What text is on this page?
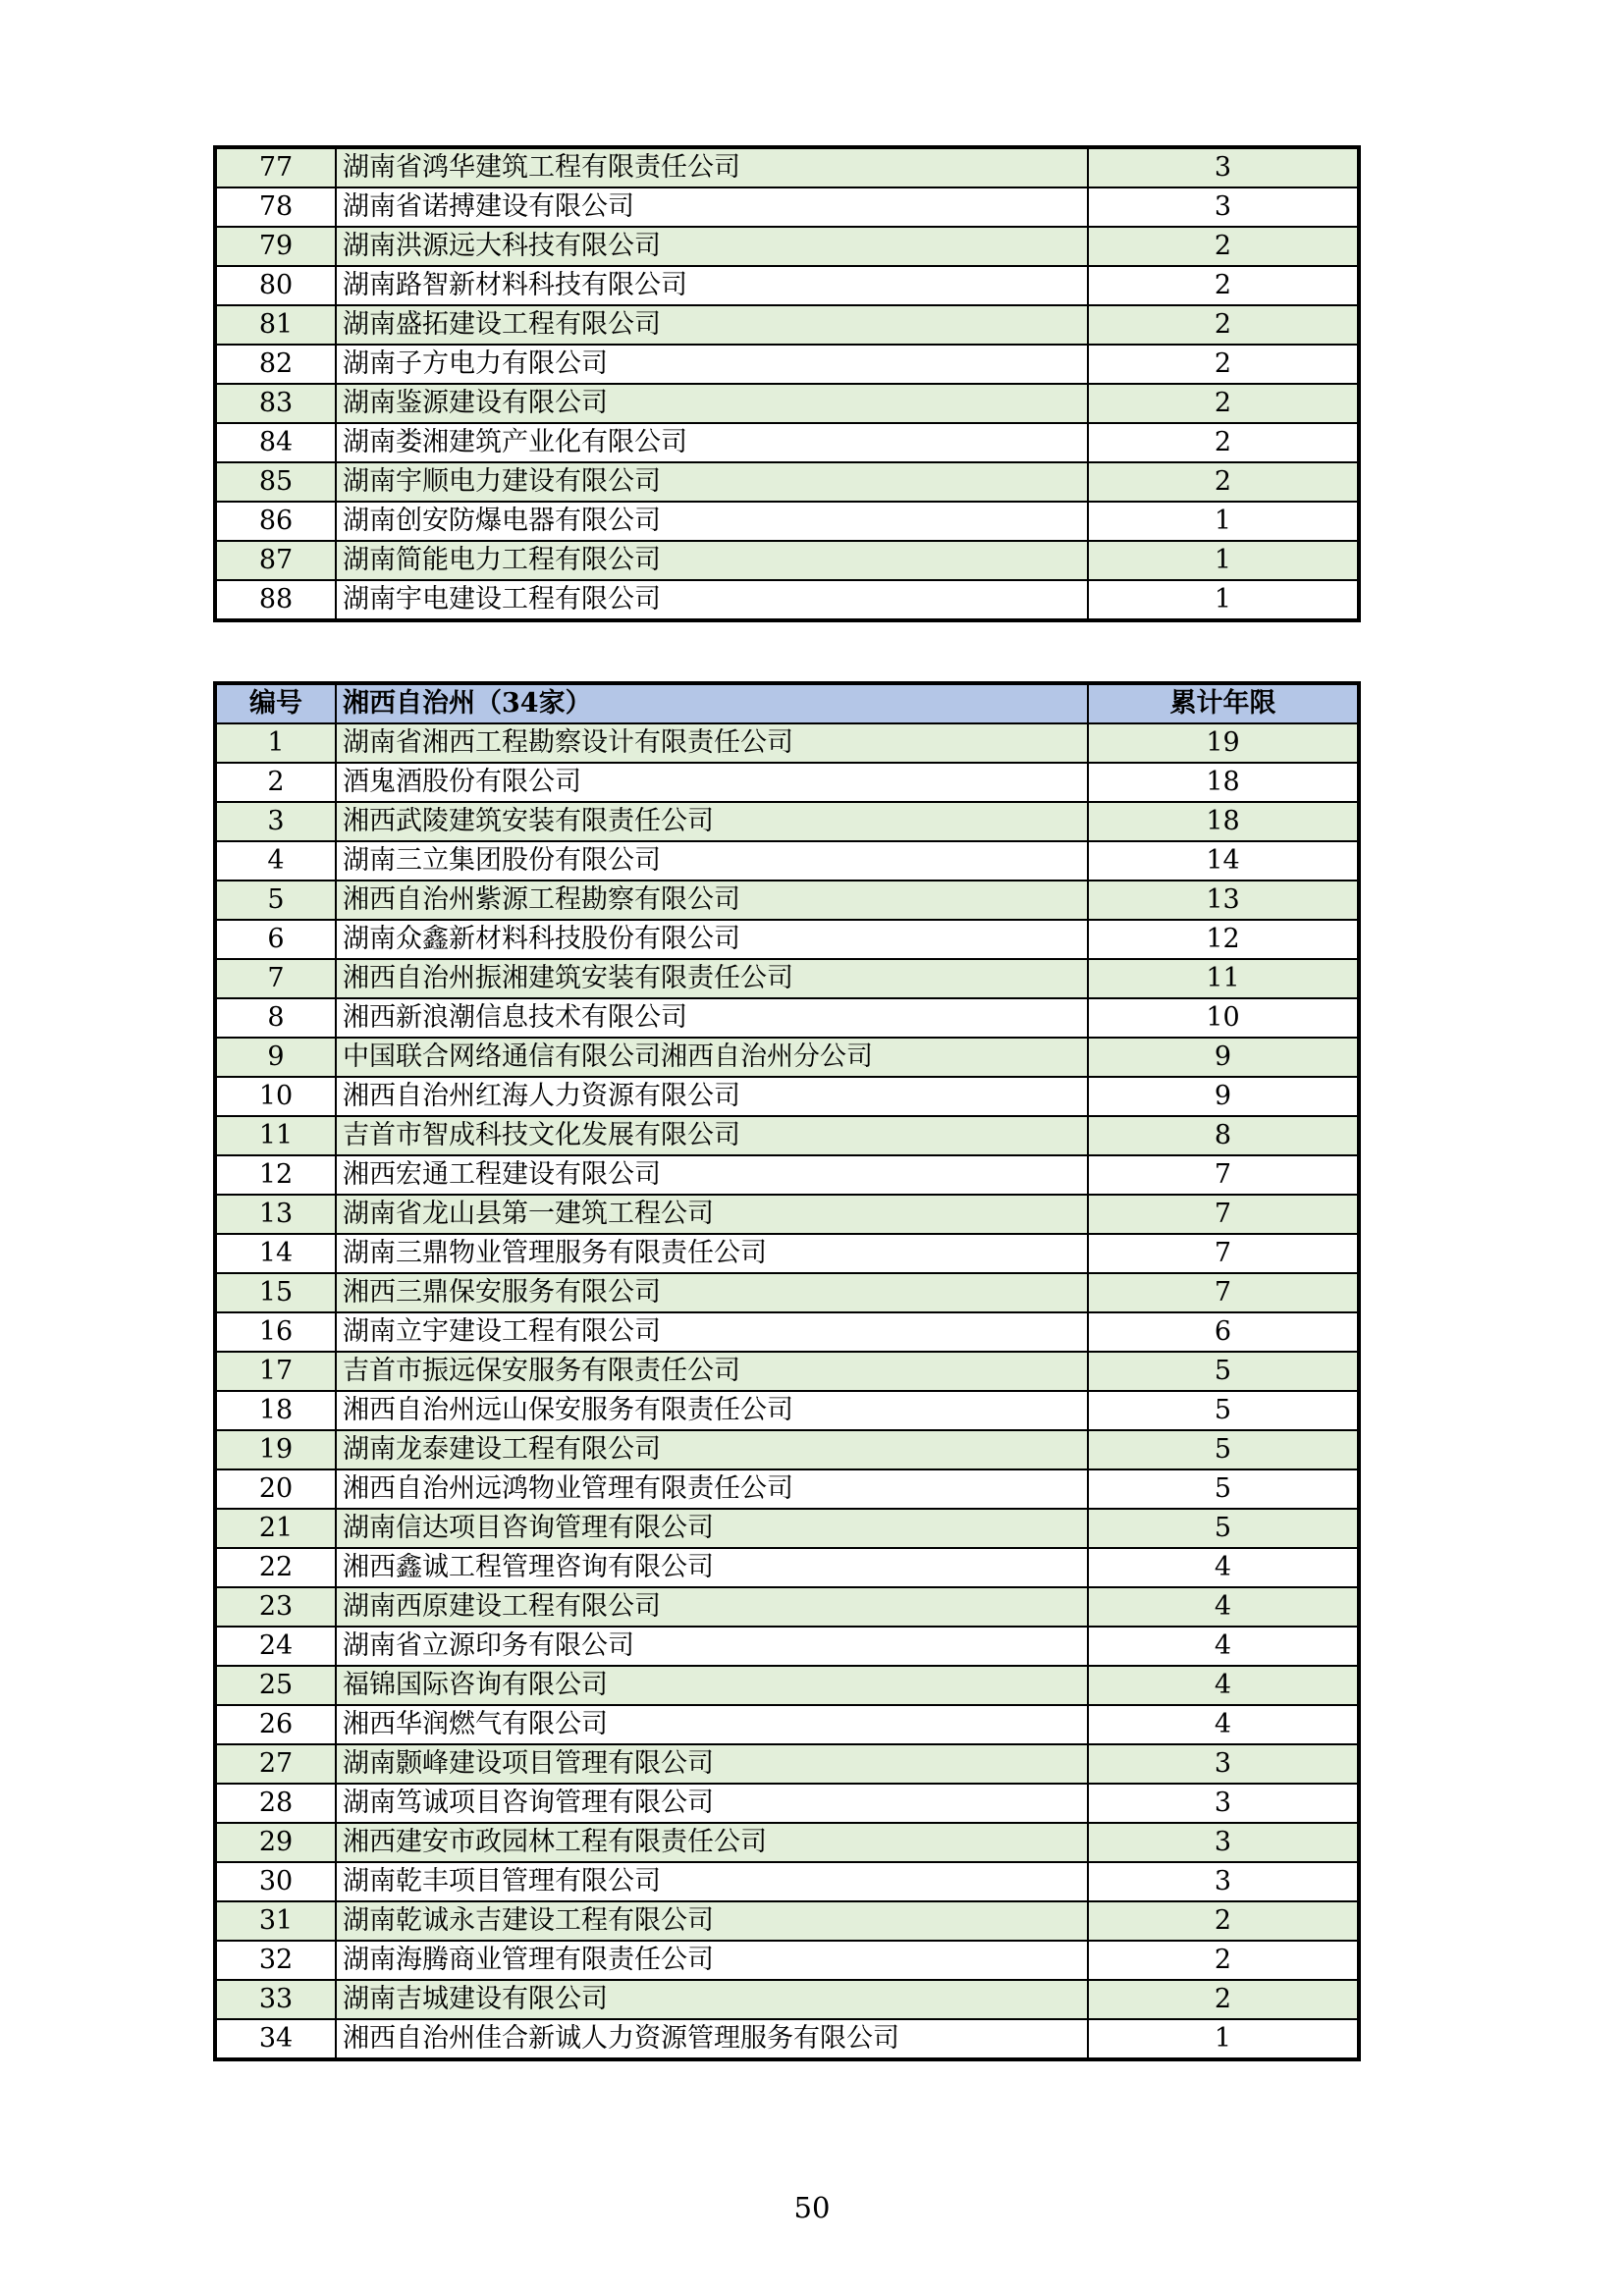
77	湖南省鸿华建筑工程有限责任公司	3
78	湖南省诺搏建设有限公司	3
79	湖南洪源远大科技有限公司	2
80	湖南路智新材料科技有限公司	2
81	湖南盛拓建设工程有限公司	2
82	湖南子方电力有限公司	2
83	湖南鉴源建设有限公司	2
84	湖南娄湘建筑产业化有限公司	2
85	湖南宇顺电力建设有限公司	2
86	湖南创安防爆电器有限公司	1
87	湖南简能电力工程有限公司	1
88	湖南宇电建设工程有限公司	1
编号	湘西自治州（34家）	累计年限
1	湖南省湘西工程勘察设计有限责任公司	19
2	酒鬼酒股份有限公司	18
3	湘西武陵建筑安装有限责任公司	18
4	湖南三立集团股份有限公司	14
5	湘西自治州紫源工程勘察有限公司	13
6	湖南众鑫新材料科技股份有限公司	12
7	湘西自治州振湘建筑安装有限责任公司	11
8	湘西新浪潮信息技术有限公司	10
9	中国联合网络通信有限公司湘西自治州分公司	9
10	湘西自治州红海人力资源有限公司	9
11	吉首市智成科技文化发展有限公司	8
12	湘西宏通工程建设有限公司	7
13	湖南省龙山县第一建筑工程公司	7
14	湖南三鼎物业管理服务有限责任公司	7
15	湘西三鼎保安服务有限公司	7
16	湖南立宇建设工程有限公司	6
17	吉首市振远保安服务有限责任公司	5
18	湘西自治州远山保安服务有限责任公司	5
19	湖南龙泰建设工程有限公司	5
20	湘西自治州远鸿物业管理有限责任公司	5
21	湖南信达项目咨询管理有限公司	5
22	湘西鑫诚工程管理咨询有限公司	4
23	湖南西原建设工程有限公司	4
24	湖南省立源印务有限公司	4
25	福锦国际咨询有限公司	4
26	湘西华润燃气有限公司	4
27	湖南颢峰建设项目管理有限公司	3
28	湖南笃诚项目咨询管理有限公司	3
29	湘西建安市政园林工程有限责任公司	3
30	湖南乾丰项目管理有限公司	3
31	湖南乾诚永吉建设工程有限公司	2
32	湖南海腾商业管理有限责任公司	2
33	湖南吉城建设有限公司	2
34	湘西自治州佳合新诚人力资源管理服务有限公司	1
50
